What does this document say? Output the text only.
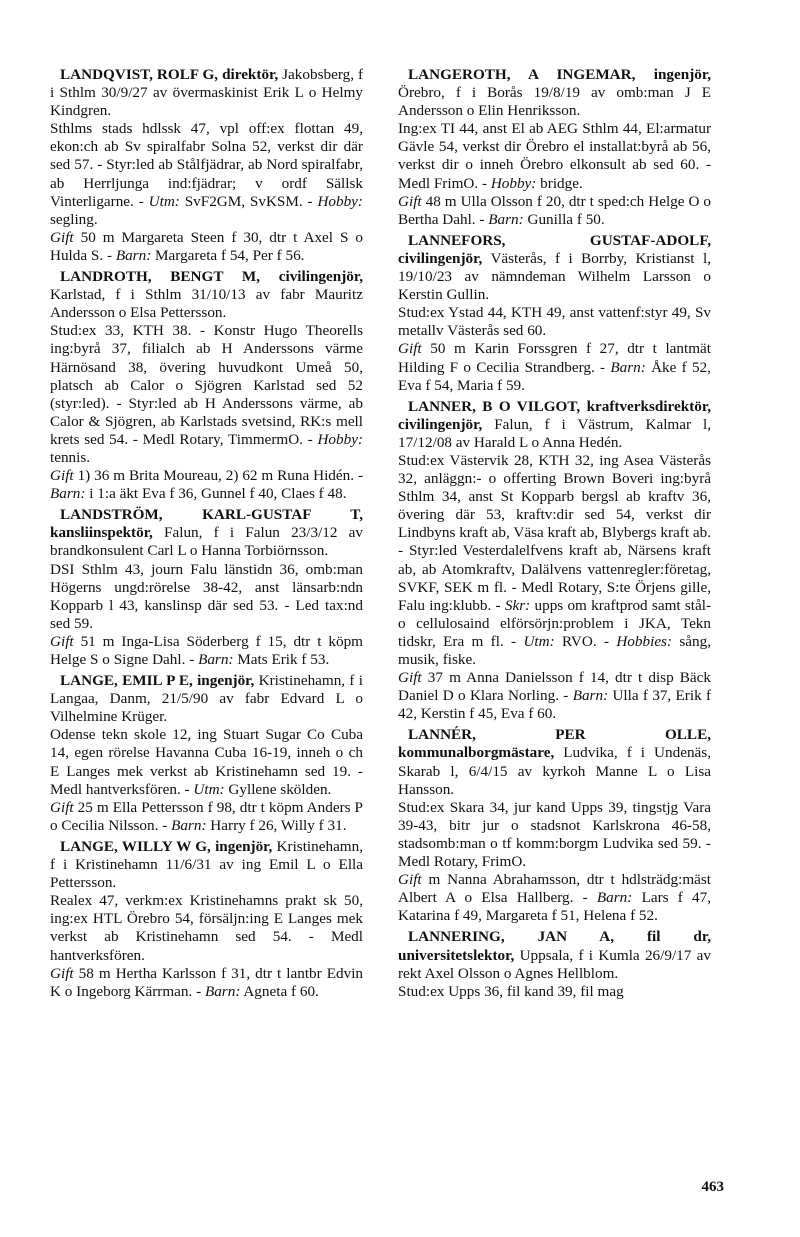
LANDQVIST, ROLF G, direktör, Jakobsberg, f i Sthlm 30/9/27 av övermaskinist Erik L o Helmy Kindgren.

Sthlms stads hdlssk 47, vpl off:ex flottan 49, ekon:ch ab Sv spiralfabr Solna 52, verkst dir där sed 57. - Styr:led ab Stålfjädrar, ab Nord spiralfabr, ab Herrljunga ind:fjädrar; v ordf Sällsk Vinterligarne. - Utm: SvF2GM, SvKSM. - Hobby: segling.

Gift 50 m Margareta Steen f 30, dtr t Axel S o Hulda S. - Barn: Margareta f 54, Per f 56.

LANDROTH, BENGT M, civilingenjör, Karlstad, f i Sthlm 31/10/13 av fabr Mauritz Andersson o Elsa Pettersson.

Stud:ex 33, KTH 38. - Konstr Hugo Theorells ing:byrå 37, filialch ab H Anderssons värme Härnösand 38, övering huvudkont Umeå 50, platsch ab Calor o Sjögren Karlstad sed 52 (styr:led). - Styr:led ab H Anderssons värme, ab Calor & Sjögren, ab Karlstads svetsind, RK:s mell krets sed 54. - Medl Rotary, TimmermO. - Hobby: tennis.

Gift 1) 36 m Brita Moureau, 2) 62 m Runa Hidén. - Barn: i 1:a äkt Eva f 36, Gunnel f 40, Claes f 48.

LANDSTRÖM, KARL-GUSTAF T, kansliinspektör, Falun, f i Falun 23/3/12 av brandkonsulent Carl L o Hanna Torbiörnsson.

DSI Sthlm 43, journ Falu länstidn 36, omb:man Högerns ungd:rörelse 38-42, anst länsarb:ndn Kopparb l 43, kanslinsp där sed 53. - Led tax:nd sed 59.

Gift 51 m Inga-Lisa Söderberg f 15, dtr t köpm Helge S o Signe Dahl. - Barn: Mats Erik f 53.

LANGE, EMIL P E, ingenjör, Kristinehamn, f i Langaa, Danm, 21/5/90 av fabr Edvard L o Vilhelmine Krüger.

Odense tekn skole 12, ing Stuart Sugar Co Cuba 14, egen rörelse Havanna Cuba 16-19, inneh o ch E Langes mek verkst ab Kristinehamn sed 19. - Medl hantverksfören. - Utm: Gyllene skölden.

Gift 25 m Ella Pettersson f 98, dtr t köpm Anders P o Cecilia Nilsson. - Barn: Harry f 26, Willy f 31.

LANGE, WILLY W G, ingenjör, Kristinehamn, f i Kristinehamn 11/6/31 av ing Emil L o Ella Pettersson.

Realex 47, verkm:ex Kristinehamns prakt sk 50, ing:ex HTL Örebro 54, försäljn:ing E Langes mek verkst ab Kristinehamn sed 54. - Medl hantverksfören.

Gift 58 m Hertha Karlsson f 31, dtr t lantbr Edvin K o Ingeborg Kärrman. - Barn: Agneta f 60.

LANGEROTH, A INGEMAR, ingenjör, Örebro, f i Borås 19/8/19 av omb:man J E Andersson o Elin Henriksson.

Ing:ex TI 44, anst El ab AEG Sthlm 44, El:armatur Gävle 54, verkst dir Örebro el installat:byrå ab 56, verkst dir o inneh Örebro elkonsult ab sed 60. - Medl FrimO. - Hobby: bridge.

Gift 48 m Ulla Olsson f 20, dtr t sped:ch Helge O o Bertha Dahl. - Barn: Gunilla f 50.

LANNEFORS, GUSTAF-ADOLF, civilingenjör, Västerås, f i Borrby, Kristianst l, 19/10/23 av nämndeman Wilhelm Larsson o Kerstin Gullin.

Stud:ex Ystad 44, KTH 49, anst vattenf:styr 49, Sv metallv Västerås sed 60.

Gift 50 m Karin Forssgren f 27, dtr t lantmät Hilding F o Cecilia Strandberg. - Barn: Åke f 52, Eva f 54, Maria f 59.

LANNER, B O VILGOT, kraftverksdirektör, civilingenjör, Falun, f i Västrum, Kalmar l, 17/12/08 av Harald L o Anna Hedén.

Stud:ex Västervik 28, KTH 32, ing Asea Västerås 32, anläggn:- o offerting Brown Boveri ing:byrå Sthlm 34, anst St Kopparb bergsl ab kraftv 36, övering där 53, kraftv:dir sed 54, verkst dir Lindbyns kraft ab, Väsa kraft ab, Blybergs kraft ab. - Styr:led Vesterdalelfvens kraft ab, Närsens kraft ab, ab Atomkraftv, Dalälvens vattenregler:företag, SVKF, SEK m fl. - Medl Rotary, S:te Örjens gille, Falu ing:klubb. - Skr: upps om kraftprod samt stål- o cellulosaind elförsörjn:problem i JKA, Tekn tidskr, Era m fl. - Utm: RVO. - Hobbies: sång, musik, fiske.

Gift 37 m Anna Danielsson f 14, dtr t disp Bäck Daniel D o Klara Norling. - Barn: Ulla f 37, Erik f 42, Kerstin f 45, Eva f 60.

LANNÉR, PER OLLE, kommunalborgmästare, Ludvika, f i Undenäs, Skarab l, 6/4/15 av kyrkoh Manne L o Lisa Hansson.

Stud:ex Skara 34, jur kand Upps 39, tingstjg Vara 39-43, bitr jur o stadsnot Karlskrona 46-58, stadsomb:man o tf komm:borgm Ludvika sed 59. - Medl Rotary, FrimO.

Gift m Nanna Abrahamsson, dtr t hdlsträdg:mäst Albert A o Elsa Hallberg. - Barn: Lars f 47, Katarina f 49, Margareta f 51, Helena f 52.

LANNERING, JAN A, fil dr, universitetslektor, Uppsala, f i Kumla 26/9/17 av rekt Axel Olsson o Agnes Hellblom.

Stud:ex Upps 36, fil kand 39, fil mag

463
